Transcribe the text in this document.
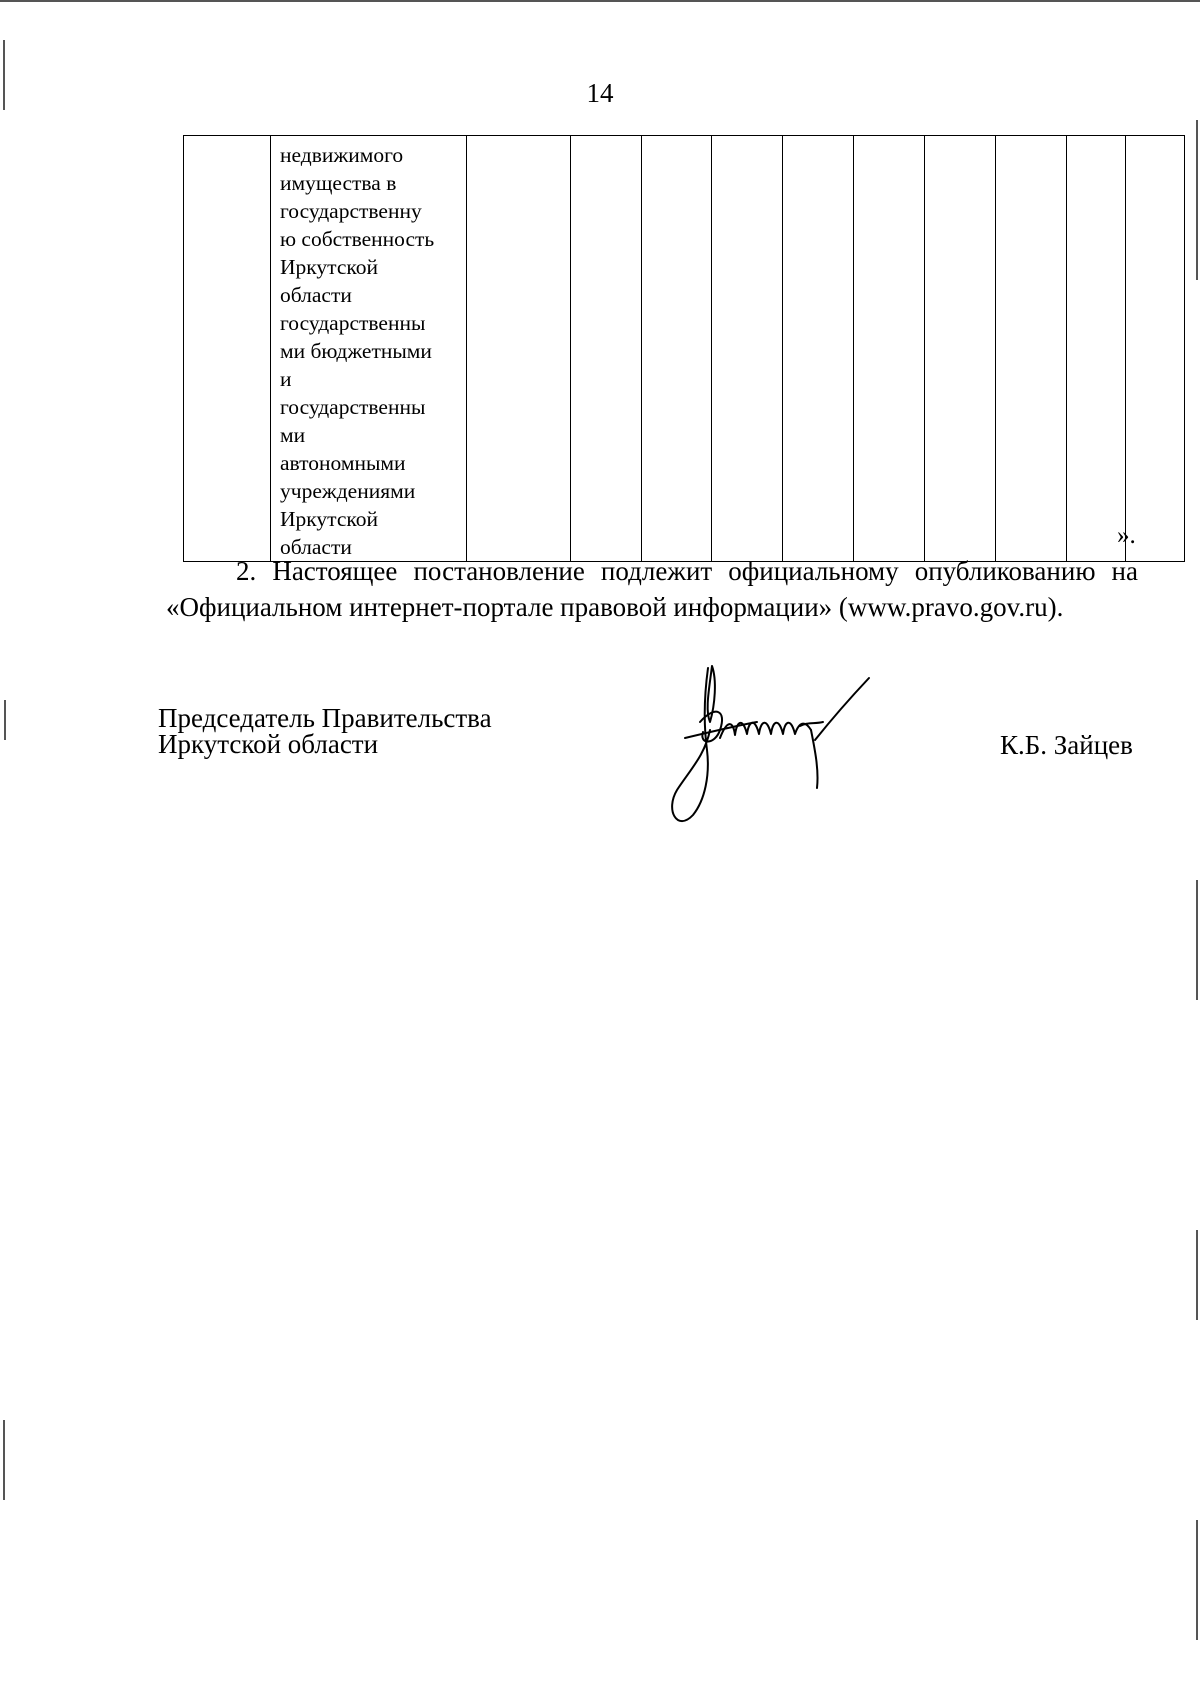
14

недвижимого
имущества в
государственну
ю собственность
Иркутской
области
государственны
ми бюджетными
и
государственны
ми
автономными
учреждениями
Иркутской
области
											».
2. Настоящее постановление подлежит официальному опубликованию на «Официальном интернет-портале правовой информации» (www.pravo.gov.ru).
Председатель Правительства
Иркутской области	К.Б. Зайцев
